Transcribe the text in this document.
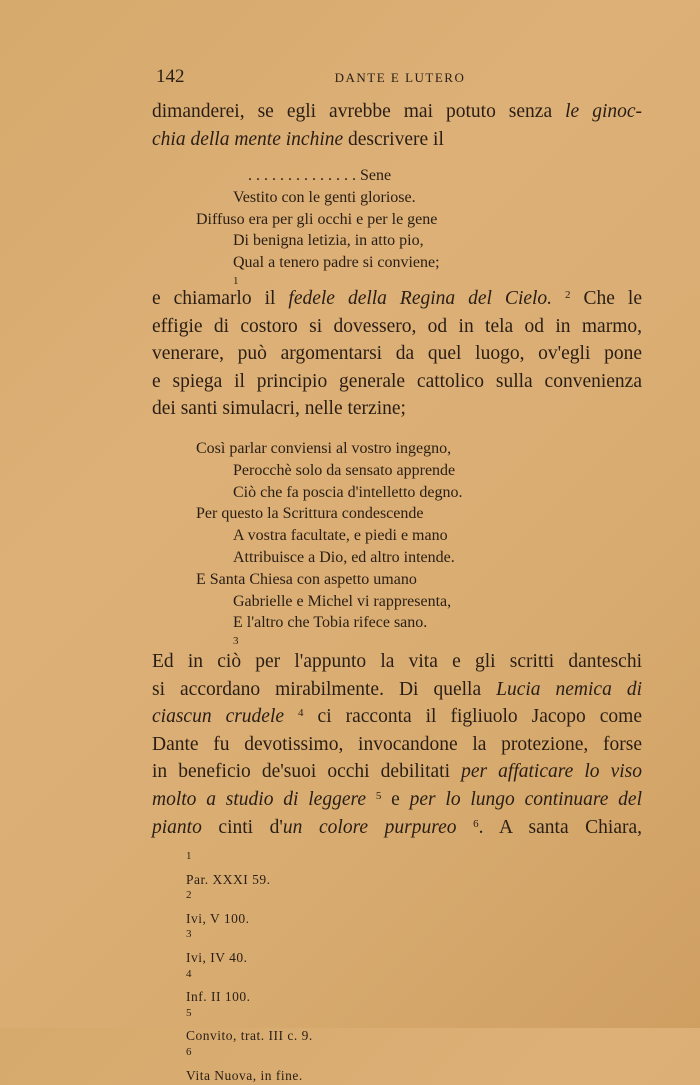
142	DANTE E LUTERO
dimanderei, se egli avrebbe mai potuto senza le ginoc-
chia della mente inchine descrivere il
. . . . . . . . . . . . . . Sene
Vestito con le genti gloriose.
Diffuso era per gli occhi e per le gene
Di benigna letizia, in atto pio,
Qual a tenero padre si conviene;
$^1$
e chiamarlo il fedele della Regina del Cielo. $^2$ Che le
effigie di costoro si dovessero, od in tela od in marmo,
venerare, può argomentarsi da quel luogo, ov'egli pone
e spiega il principio generale cattolico sulla convenienza
dei santi simulacri, nelle terzine;
Così parlar conviensi al vostro ingegno,
Perocchè solo da sensato apprende
Ciò che fa poscia d'intelletto degno.
Per questo la Scrittura condescende
A vostra facultate, e piedi e mano
Attribuisce a Dio, ed altro intende.
E Santa Chiesa con aspetto umano
Gabrielle e Michel vi rappresenta,
E l'altro che Tobia rifece sano.
$^3$
Ed in ciò per l'appunto la vita e gli scritti danteschi
si accordano mirabilmente. Di quella Lucia nemica di
ciascun crudele $^4$ ci racconta il figliuolo Jacopo come
Dante fu devotissimo, invocandone la protezione, forse
in beneficio de'suoi occhi debilitati per affaticare lo viso
molto a studio di leggere $^5$ e per lo lungo continuare del
pianto cinti d'un colore purpureo $^6$. A santa Chiara,
$^1$
Par. XXXI 59.
$^2$
Ivi, V 100.
$^3$
Ivi, IV 40.
$^4$
Inf. II 100.
$^5$
Convito, trat. III c. 9.
$^6$
Vita Nuova, in fine.
